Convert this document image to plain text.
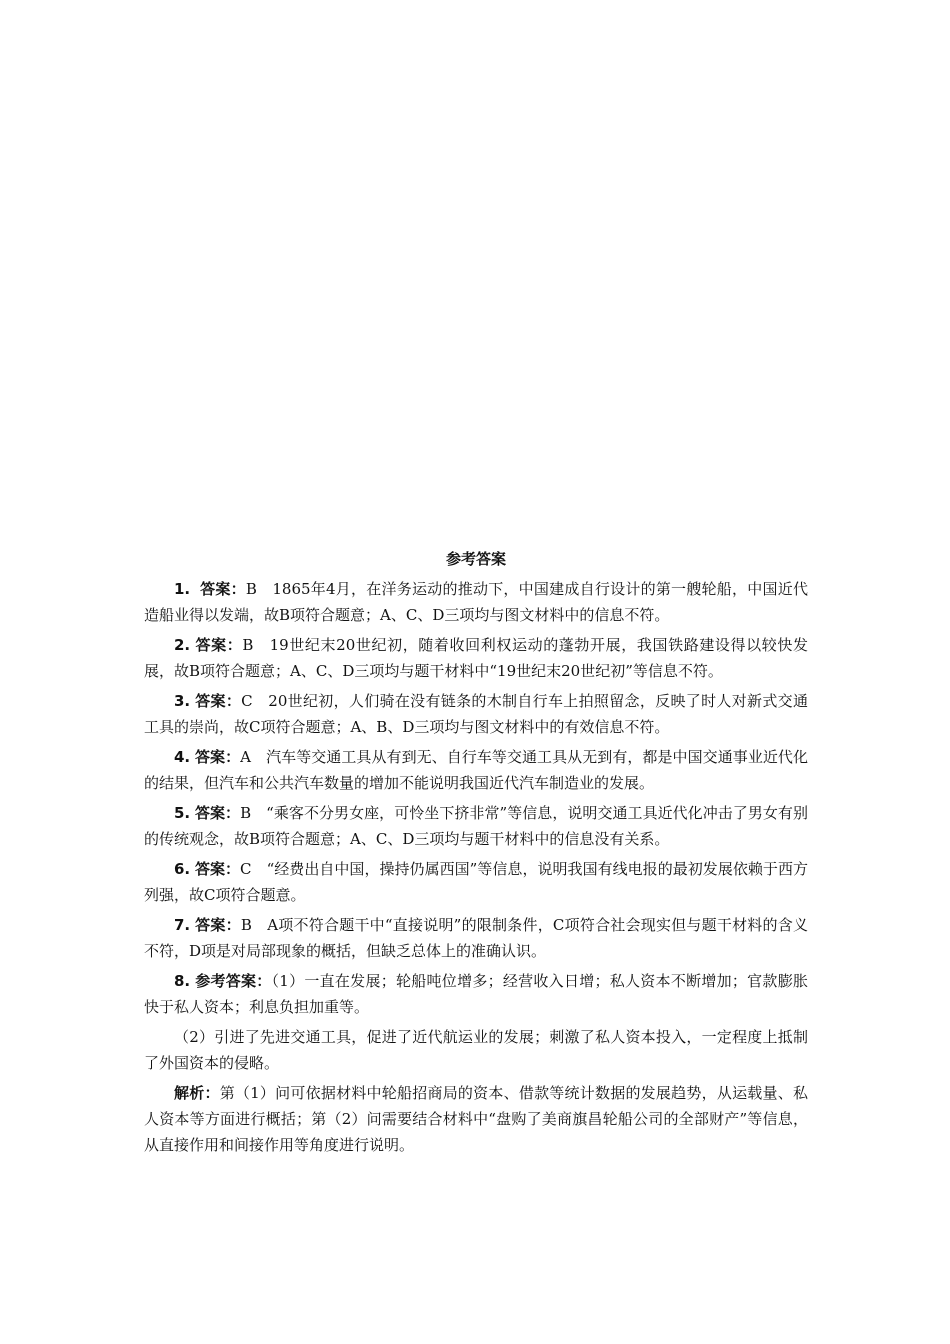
参考答案

1. 答案：B　1865年4月，在洋务运动的推动下，中国建成自行设计的第一艘轮船，中国近代造船业得以发端，故B项符合题意；A、C、D三项均与图文材料中的信息不符。

2. 答案：B　19世纪末20世纪初，随着收回利权运动的蓬勃开展，我国铁路建设得以较快发展，故B项符合题意；A、C、D三项均与题干材料中“19世纪末20世纪初”等信息不符。

3. 答案：C　20世纪初，人们骑在没有链条的木制自行车上拍照留念，反映了时人对新式交通工具的崇尚，故C项符合题意；A、B、D三项均与图文材料中的有效信息不符。

4. 答案：A　汽车等交通工具从有到无、自行车等交通工具从无到有，都是中国交通事业近代化的结果，但汽车和公共汽车数量的增加不能说明我国近代汽车制造业的发展。

5. 答案：B　“乘客不分男女座，可怜坐下挤非常”等信息，说明交通工具近代化冲击了男女有别的传统观念，故B项符合题意；A、C、D三项均与题干材料中的信息没有关系。

6. 答案：C　“经费出自中国，操持仍属西国”等信息，说明我国有线电报的最初发展依赖于西方列强，故C项符合题意。

7. 答案：B　A项不符合题干中“直接说明”的限制条件，C项符合社会现实但与题干材料的含义不符，D项是对局部现象的概括，但缺乏总体上的准确认识。

8. 参考答案：（1）一直在发展；轮船吨位增多；经营收入日增；私人资本不断增加；官款膨胀快于私人资本；利息负担加重等。

（2）引进了先进交通工具，促进了近代航运业的发展；刺激了私人资本投入，一定程度上抵制了外国资本的侵略。

解析：第（1）问可依据材料中轮船招商局的资本、借款等统计数据的发展趋势，从运载量、私人资本等方面进行概括；第（2）问需要结合材料中“盘购了美商旗昌轮船公司的全部财产”等信息，从直接作用和间接作用等角度进行说明。
